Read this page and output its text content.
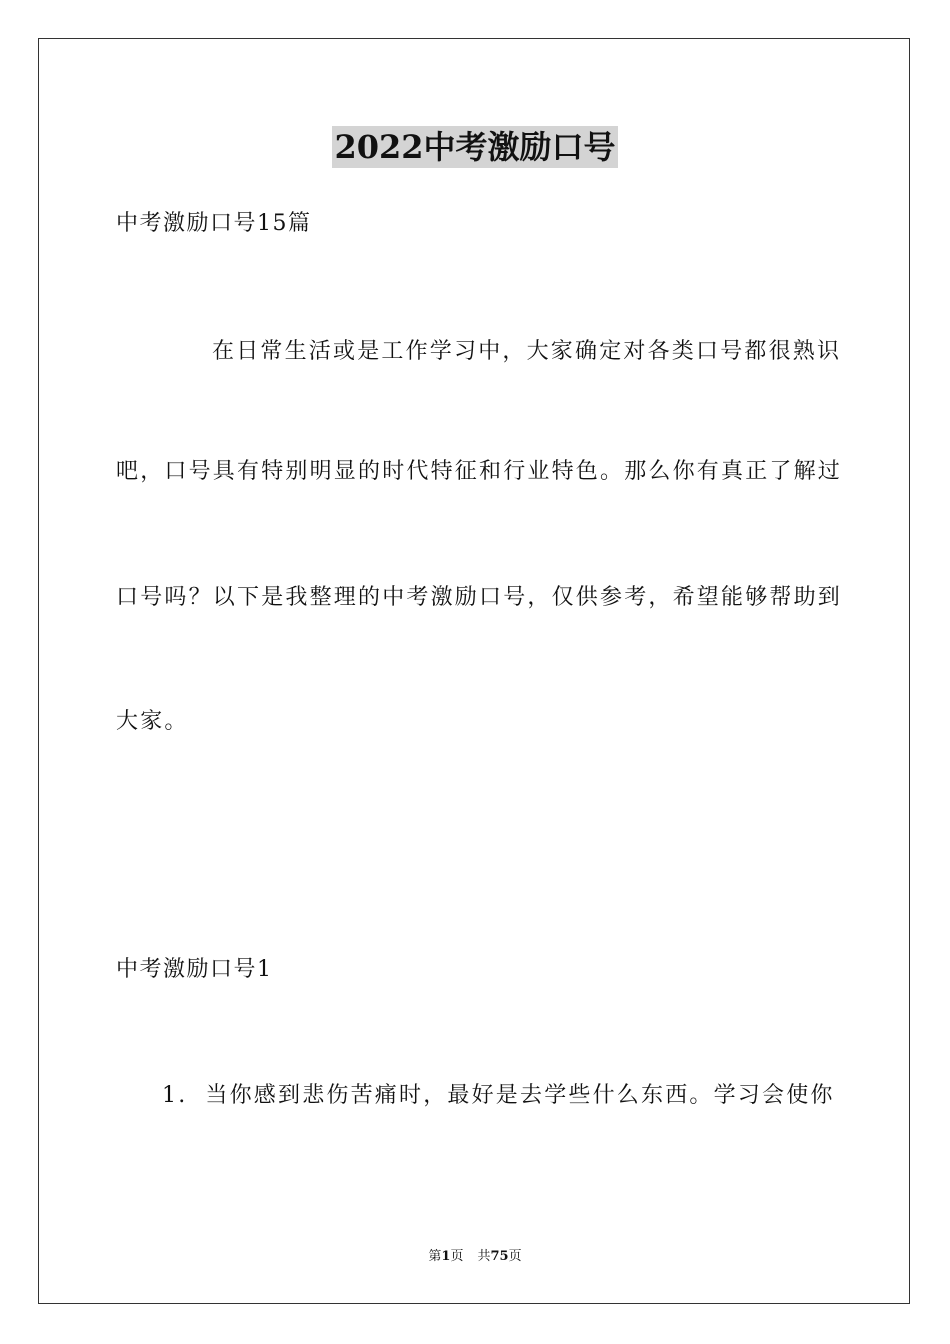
2022中考激励口号
中考激励口号15篇
在日常生活或是工作学习中，大家确定对各类口号都很熟识
吧，口号具有特别明显的时代特征和行业特色。那么你有真正了解过
口号吗？以下是我整理的中考激励口号，仅供参考，希望能够帮助到
大家。
中考激励口号1
1. 当你感到悲伤苦痛时，最好是去学些什么东西。学习会使你
第1页 共75页
